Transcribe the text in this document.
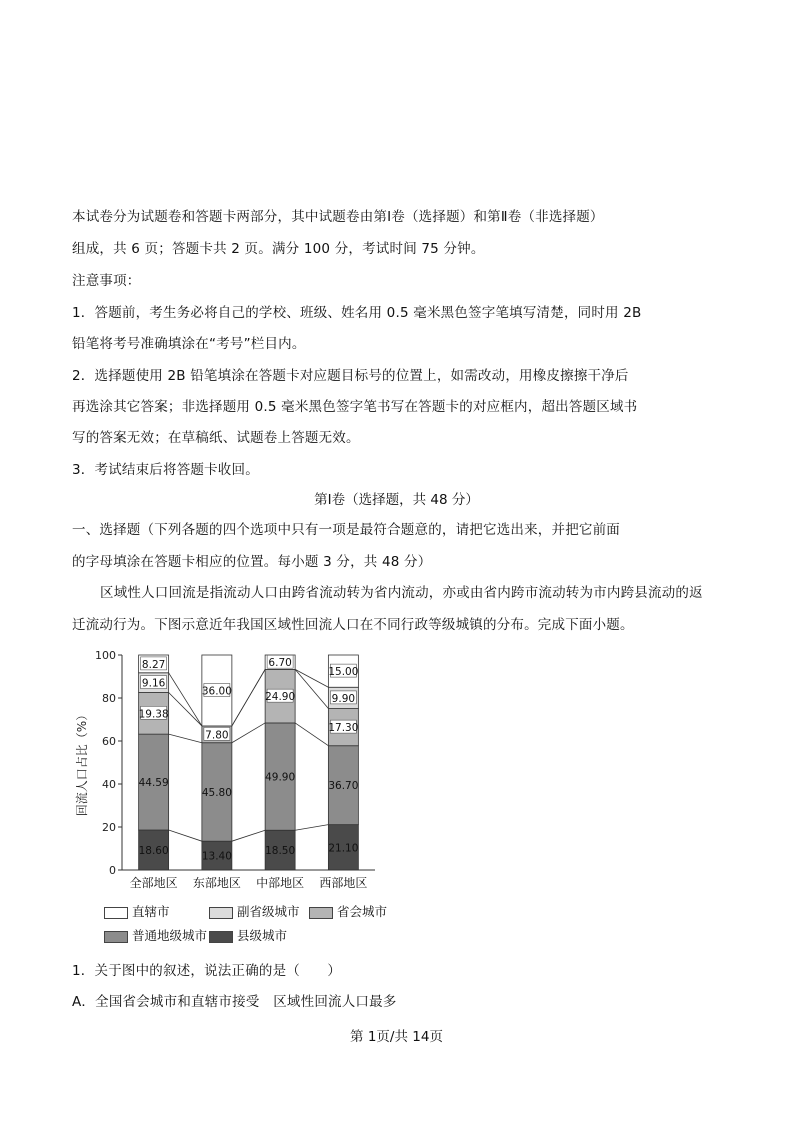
本试卷分为试题卷和答题卡两部分，其中试题卷由第Ⅰ卷（选择题）和第Ⅱ卷（非选择题）
组成，共 6 页；答题卡共 2 页。满分 100 分，考试时间 75 分钟。
注意事项：
1．答题前，考生务必将自己的学校、班级、姓名用 0.5 毫米黑色签字笔填写清楚，同时用 2B
铅笔将考号准确填涂在“考号”栏目内。
2．选择题使用 2B 铅笔填涂在答题卡对应题目标号的位置上，如需改动，用橡皮擦擦干净后
再选涂其它答案；非选择题用 0.5 毫米黑色签字笔书写在答题卡的对应框内，超出答题区域书
写的答案无效；在草稿纸、试题卷上答题无效。
3．考试结束后将答题卡收回。
第Ⅰ卷（选择题，共 48 分）
一、选择题（下列各题的四个选项中只有一项是最符合题意的，请把它选出来，并把它前面
的字母填涂在答题卡相应的位置。每小题 3 分，共 48 分）
区域性人口回流是指流动人口由跨省流动转为省内流动，亦或由省内跨市流动转为市内跨县流动的返
迁流动行为。下图示意近年我国区域性回流人口在不同行政等级城镇的分布。完成下面小题。
0
20
40
60
80
100
回流人口占比（%）
18.60
44.59
19.38
9.16
8.27
全部地区
13.40
45.80
7.80
36.00
东部地区
18.50
49.90
24.90
6.70
中部地区
21.10
36.70
17.30
9.90
15.00
西部地区
直辖市	副省级城市	省会城市
普通地级城市	县级城市
1．关于图中的叙述，说法正确的是（　　）
A．全国省会城市和直辖市接受　区域性回流人口最多
第 1页/共 14页
